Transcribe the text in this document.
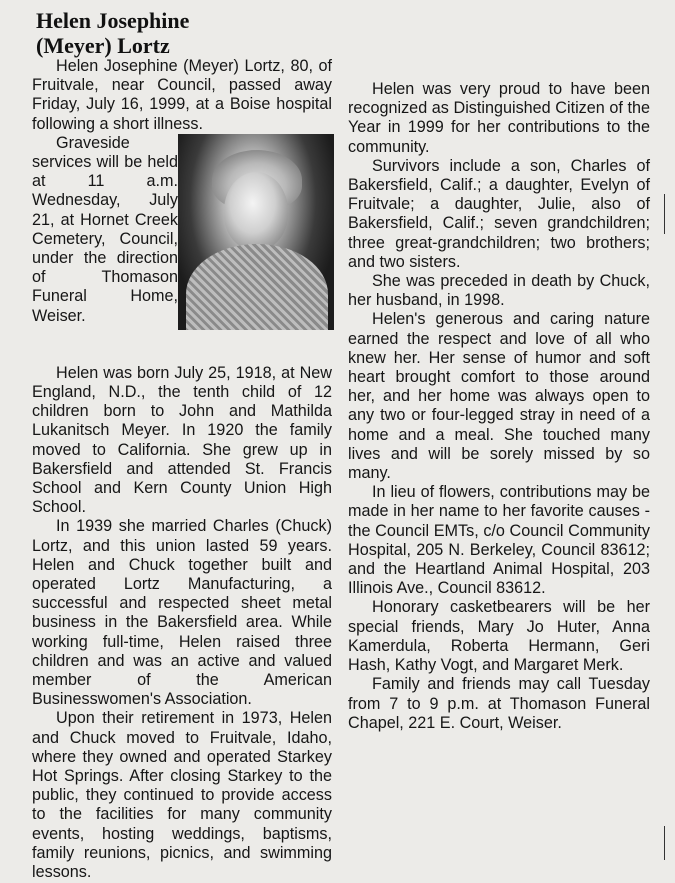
Helen Josephine
(Meyer) Lortz

Helen Josephine (Meyer) Lortz, 80, of Fruitvale, near Council, passed away Friday, July 16, 1999, at a Boise hospital following a short illness.

Graveside services will be held at 11 a.m. Wednesday, July 21, at Hornet Creek Cemetery, Council, under the direction of Thomason Funeral Home, Weiser.

Helen was born July 25, 1918, at New England, N.D., the tenth child of 12 children born to John and Mathilda Lukanitsch Meyer. In 1920 the family moved to California. She grew up in Bakersfield and attended St. Francis School and Kern County Union High School.

In 1939 she married Charles (Chuck) Lortz, and this union lasted 59 years. Helen and Chuck together built and operated Lortz Manufacturing, a successful and respected sheet metal business in the Bakersfield area. While working full-time, Helen raised three children and was an active and valued member of the American Businesswomen's Association.

Upon their retirement in 1973, Helen and Chuck moved to Fruitvale, Idaho, where they owned and operated Starkey Hot Springs. After closing Starkey to the public, they continued to provide access to the facilities for many community events, hosting weddings, baptisms, family reunions, picnics, and swimming lessons.

Helen was very proud to have been recognized as Distinguished Citizen of the Year in 1999 for her contributions to the community.

Survivors include a son, Charles of Bakersfield, Calif.; a daughter, Evelyn of Fruitvale; a daughter, Julie, also of Bakersfield, Calif.; seven grandchildren; three great-grandchildren; two brothers; and two sisters.

She was preceded in death by Chuck, her husband, in 1998.

Helen's generous and caring nature earned the respect and love of all who knew her. Her sense of humor and soft heart brought comfort to those around her, and her home was always open to any two or four-legged stray in need of a home and a meal. She touched many lives and will be sorely missed by so many.

In lieu of flowers, contributions may be made in her name to her favorite causes - the Council EMTs, c/o Council Community Hospital, 205 N. Berkeley, Council 83612; and the Heartland Animal Hospital, 203 Illinois Ave., Council 83612.

Honorary casketbearers will be her special friends, Mary Jo Huter, Anna Kamerdula, Roberta Hermann, Geri Hash, Kathy Vogt, and Margaret Merk.

Family and friends may call Tuesday from 7 to 9 p.m. at Thomason Funeral Chapel, 221 E. Court, Weiser.
